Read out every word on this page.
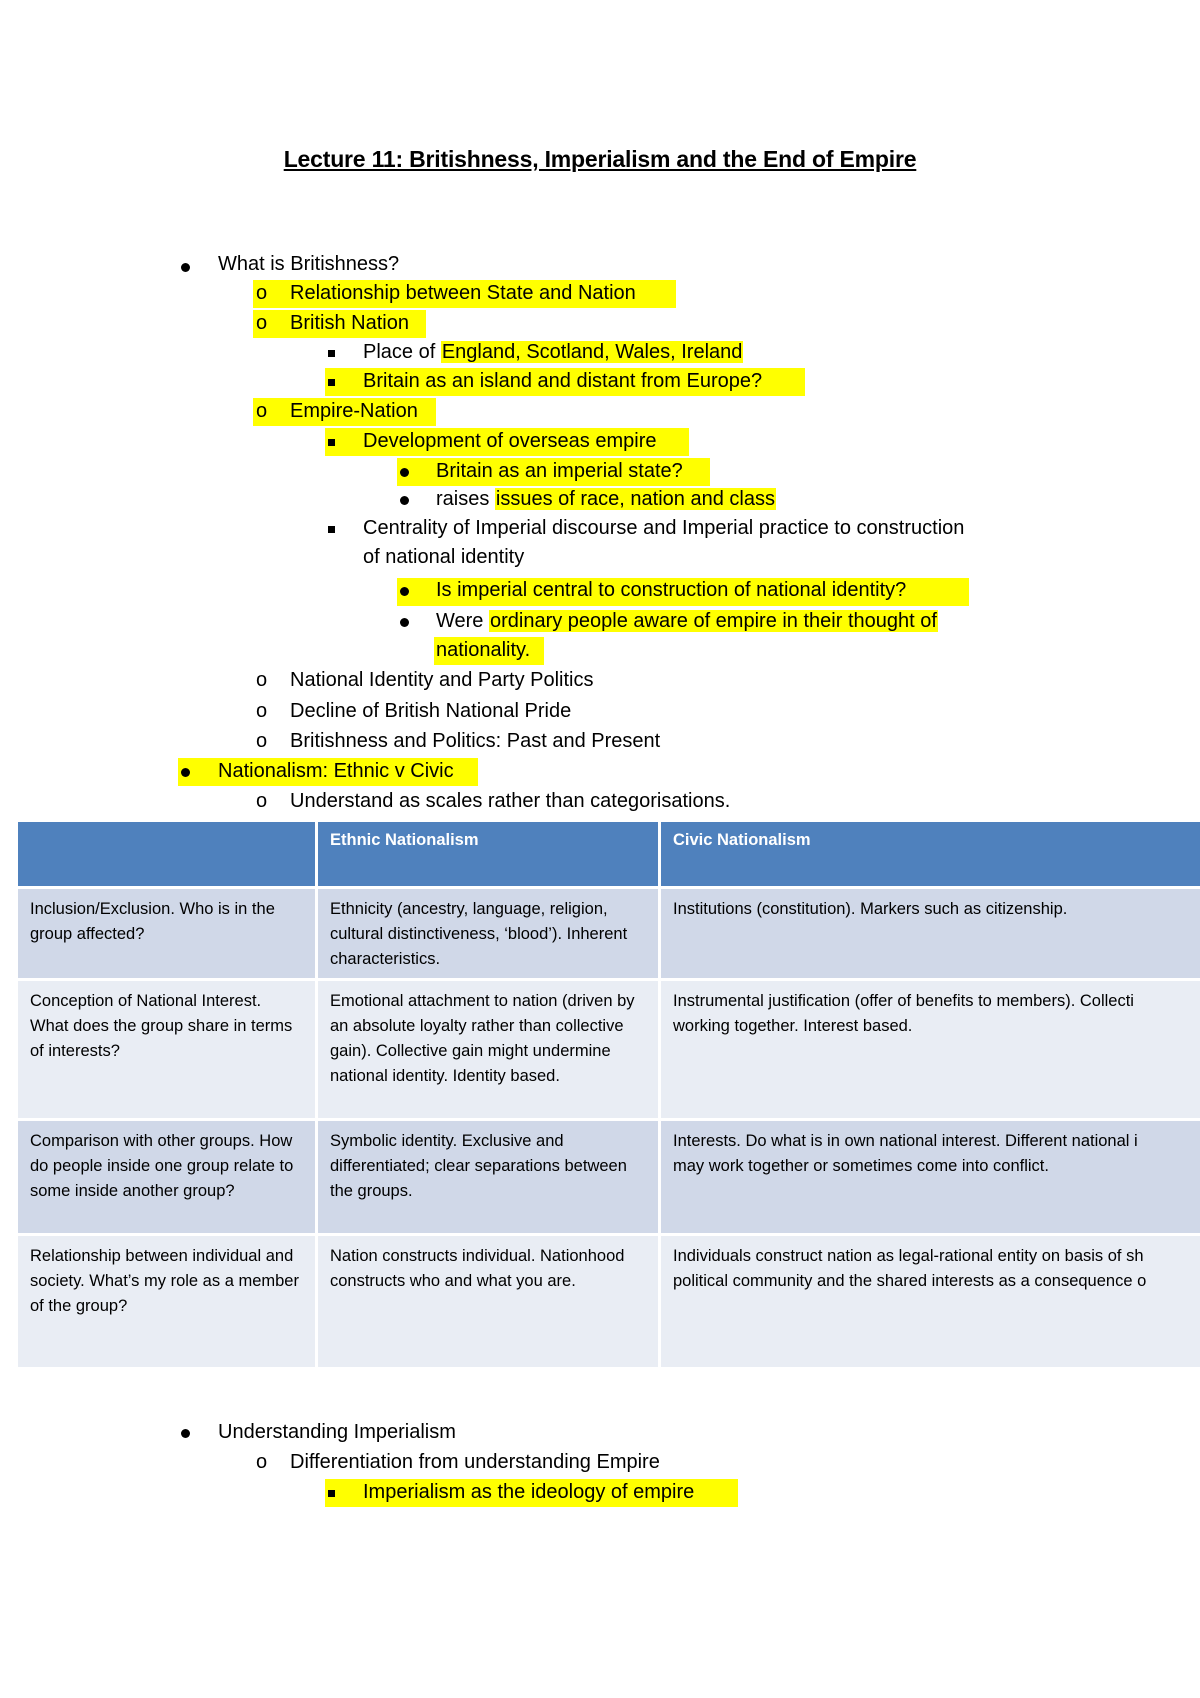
Lecture 11: Britishness, Imperialism and the End of Empire
What is Britishness?
o Relationship between State and Nation
o British Nation
Place of England, Scotland, Wales, Ireland
Britain as an island and distant from Europe?
o Empire-Nation
Development of overseas empire
Britain as an imperial state?
raises issues of race, nation and class
Centrality of Imperial discourse and Imperial practice to construction
of national identity
Is imperial central to construction of national identity?
Were ordinary people aware of empire in their thought of
nationality.
o National Identity and Party Politics
o Decline of British National Pride
o Britishness and Politics: Past and Present
Nationalism: Ethnic v Civic
o Understand as scales rather than categorisations.
	Ethnic Nationalism	Civic Nationalism
Inclusion/Exclusion. Who is in the group affected?	Ethnicity (ancestry, language, religion, cultural distinctiveness, ‘blood’). Inherent characteristics.	Institutions (constitution). Markers such as citizenship.
Conception of National Interest. What does the group share in terms of interests?	Emotional attachment to nation (driven by an absolute loyalty rather than collective gain). Collective gain might undermine national identity. Identity based.	Instrumental justification (offer of benefits to members). Collecti
working together. Interest based.
Comparison with other groups. How do people inside one group relate to some inside another group?	Symbolic identity. Exclusive and differentiated; clear separations between the groups.	Interests. Do what is in own national interest. Different national i
may work together or sometimes come into conflict.
Relationship between individual and society. What’s my role as a member of the group?	Nation constructs individual. Nationhood constructs who and what you are.	Individuals construct nation as legal-rational entity on basis of sh
political community and the shared interests as a consequence o
Understanding Imperialism
o Differentiation from understanding Empire
Imperialism as the ideology of empire
